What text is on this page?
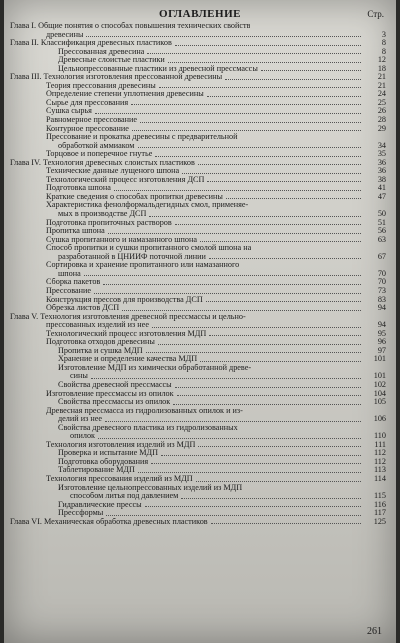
ОГЛАВЛЕНИЕ	Стр.
Глава I. Общие понятия о способах повышения технических свойств
древесины	3
Глава II. Классификация древесных пластиков	8
Прессованная древесина	8
Древесные слоистые пластики	12
Цельнопрессованные пластики из древесной прессмассы	18
Глава III. Технология изготовления прессованной древесины	21
Теория прессования древесины	21
Определение степени уплотнения древесины	24
Сырье для прессования	25
Сушка сырья	26
Равномерное прессование	28
Контурное прессование	29
Прессование и прокатка древесины с предварительной
обработкой аммиаком	34
Торцовое и поперечное гнутье	35
Глава IV. Технология древесных слоистых пластиков	36
Технические данные лущеного шпона	36
Технологический процесс изготовления ДСП	38
Подготовка шпона	41
Краткие сведения о способах пропитки древесины	47
Характеристика фенолформальдегидных смол, применяе-
мых в производстве ДСП	50
Подготовка пропиточных растворов	51
Пропитка шпона	56
Сушка пропитанного и намазанного шпона	63
Способ пропитки и сушки пропитанного смолой шпона на
разработанной в ЦНИИФ поточной линии	67
Сортировка и хранение пропитанного или намазанного
шпона	70
Сборка пакетов	70
Прессование	73
Конструкция прессов для производства ДСП	83
Обрезка листов ДСП	94
Глава V. Технология изготовления древесной прессмассы и цельно-
прессованных изделий из нее	94
Технологический процесс изготовления МДП	95
Подготовка отходов древесины	96
Пропитка и сушка МДП	97
Хранение и определение качества МДП	101
Изготовление МДП из химически обработанной древе-
сины	101
Свойства древесной прессмассы	102
Изготовление прессмассы из опилок	104
Свойства прессмассы из опилок	105
Древесная прессмасса из гидролизованных опилок и из-
делий из нее	106
Свойства древесного пластика из гидролизованных
опилок	110
Технология изготовления изделий из МДП	111
Проверка и испытание МДП	112
Подготовка оборудования	112
Таблетирование МДП	113
Технология прессования изделий из МДП	114
Изготовление цельнопрессованных изделий из МДП
способом литья под давлением	115
Гидравлические прессы	116
Прессформы	117
Глава VI. Механическая обработка древесных пластиков	125
261
